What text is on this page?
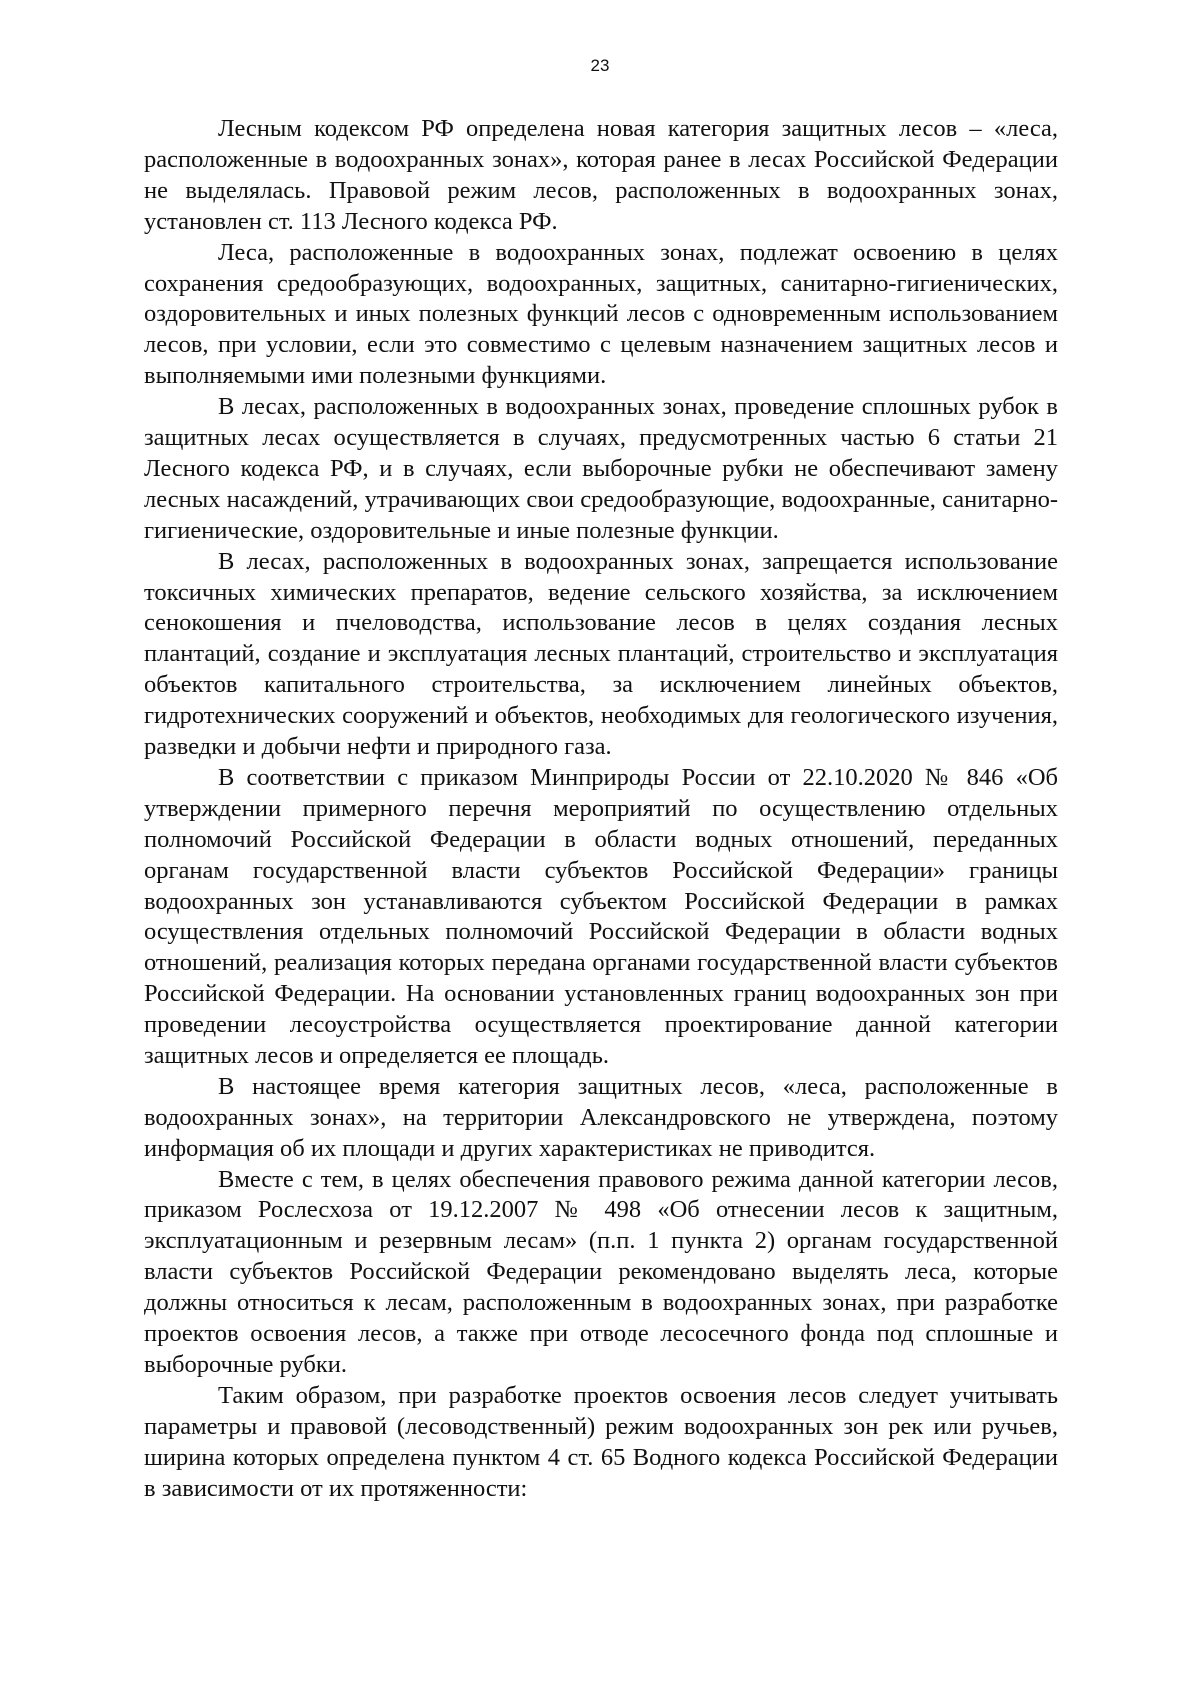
23

Лесным кодексом РФ определена новая категория защитных лесов – «леса, расположенные в водоохранных зонах», которая ранее в лесах Российской Федерации не выделялась. Правовой режим лесов, расположенных в водоохранных зонах, установлен ст. 113 Лесного кодекса РФ.

Леса, расположенные в водоохранных зонах, подлежат освоению в целях сохранения средообразующих, водоохранных, защитных, санитарно-гигиенических, оздоровительных и иных полезных функций лесов с одновременным использованием лесов, при условии, если это совместимо с целевым назначением защитных лесов и выполняемыми ими полезными функциями.

В лесах, расположенных в водоохранных зонах, проведение сплошных рубок в защитных лесах осуществляется в случаях, предусмотренных частью 6 статьи 21 Лесного кодекса РФ, и в случаях, если выборочные рубки не обеспечивают замену лесных насаждений, утрачивающих свои средообразующие, водоохранные, санитарно-гигиенические, оздоровительные и иные полезные функции.

В лесах, расположенных в водоохранных зонах, запрещается использование токсичных химических препаратов, ведение сельского хозяйства, за исключением сенокошения и пчеловодства, использование лесов в целях создания лесных плантаций, создание и эксплуатация лесных плантаций, строительство и эксплуатация объектов капитального строительства, за исключением линейных объектов, гидротехнических сооружений и объектов, необходимых для геологического изучения, разведки и добычи нефти и природного газа.

В соответствии с приказом Минприроды России от 22.10.2020 № 846 «Об утверждении примерного перечня мероприятий по осуществлению отдельных полномочий Российской Федерации в области водных отношений, переданных органам государственной власти субъектов Российской Федерации» границы водоохранных зон устанавливаются субъектом Российской Федерации в рамках осуществления отдельных полномочий Российской Федерации в области водных отношений, реализация которых передана органами государственной власти субъектов Российской Федерации. На основании установленных границ водоохранных зон при проведении лесоустройства осуществляется проектирование данной категории защитных лесов и определяется ее площадь.

В настоящее время категория защитных лесов, «леса, расположенные в водоохранных зонах», на территории Александровского не утверждена, поэтому информация об их площади и других характеристиках не приводится.

Вместе с тем, в целях обеспечения правового режима данной категории лесов, приказом Рослесхоза от 19.12.2007 № 498 «Об отнесении лесов к защитным, эксплуатационным и резервным лесам» (п.п. 1 пункта 2) органам государственной власти субъектов Российской Федерации рекомендовано выделять леса, которые должны относиться к лесам, расположенным в водоохранных зонах, при разработке проектов освоения лесов, а также при отводе лесосечного фонда под сплошные и выборочные рубки.

Таким образом, при разработке проектов освоения лесов следует учитывать параметры и правовой (лесоводственный) режим водоохранных зон рек или ручьев, ширина которых определена пунктом 4 ст. 65 Водного кодекса Российской Федерации в зависимости от их протяженности:
